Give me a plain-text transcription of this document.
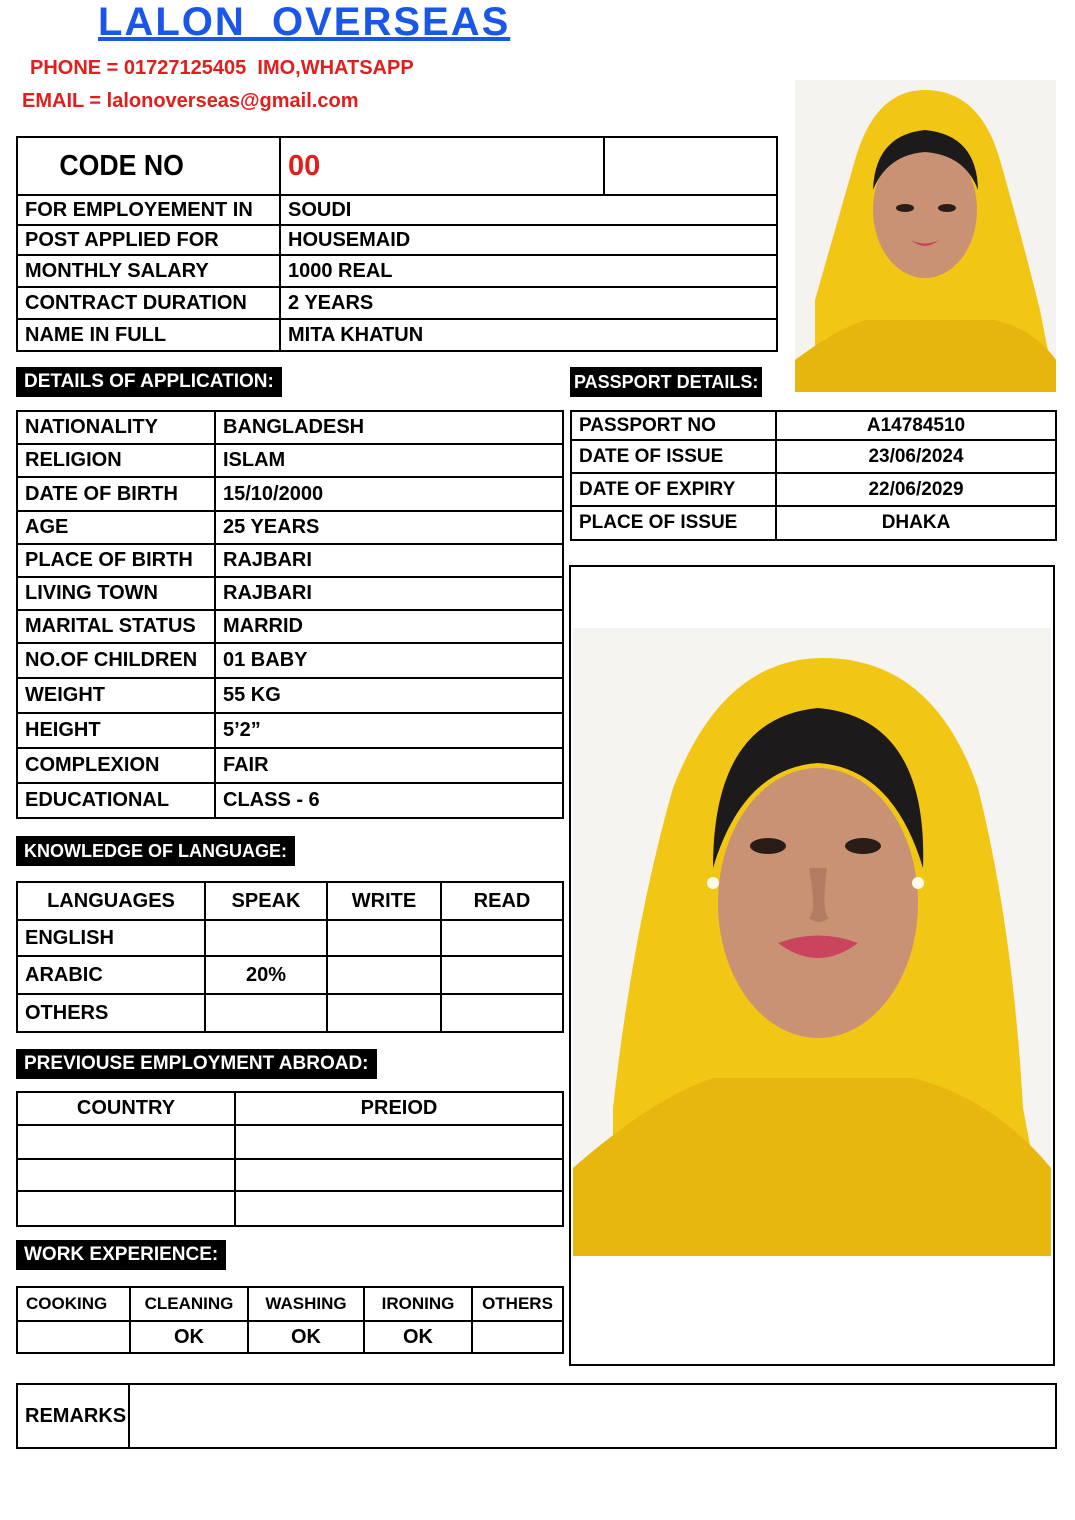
LALON  OVERSEAS
PHONE = 01727125405  IMO,WHATSAPP
EMAIL = lalonoverseas@gmail.com
CODE NO	00	
FOR EMPLOYEMENT IN	SOUDI	
POST APPLIED FOR	HOUSEMAID	
MONTHLY SALARY	1000 REAL	
CONTRACT DURATION	2 YEARS	
NAME IN FULL	MITA KHATUN	
DETAILS OF APPLICATION:
NATIONALITY	BANGLADESH
RELIGION	ISLAM
DATE OF BIRTH	15/10/2000
AGE	25 YEARS
PLACE OF BIRTH	RAJBARI
LIVING TOWN	RAJBARI
MARITAL STATUS	MARRID
NO.OF CHILDREN	01 BABY
WEIGHT	55 KG
HEIGHT	5’2”
COMPLEXION	FAIR
EDUCATIONAL	CLASS - 6
PASSPORT DETAILS:
PASSPORT NO	A14784510
DATE OF ISSUE	23/06/2024
DATE OF EXPIRY	22/06/2029
PLACE OF ISSUE	DHAKA
KNOWLEDGE OF LANGUAGE:
LANGUAGES	SPEAK	WRITE	READ
ENGLISH			
ARABIC	20%		
OTHERS			
PREVIOUSE EMPLOYMENT ABROAD:
COUNTRY	PREIOD

WORK EXPERIENCE:
COOKING	CLEANING	WASHING	IRONING	OTHERS
	OK	OK	OK	
REMARKS	
